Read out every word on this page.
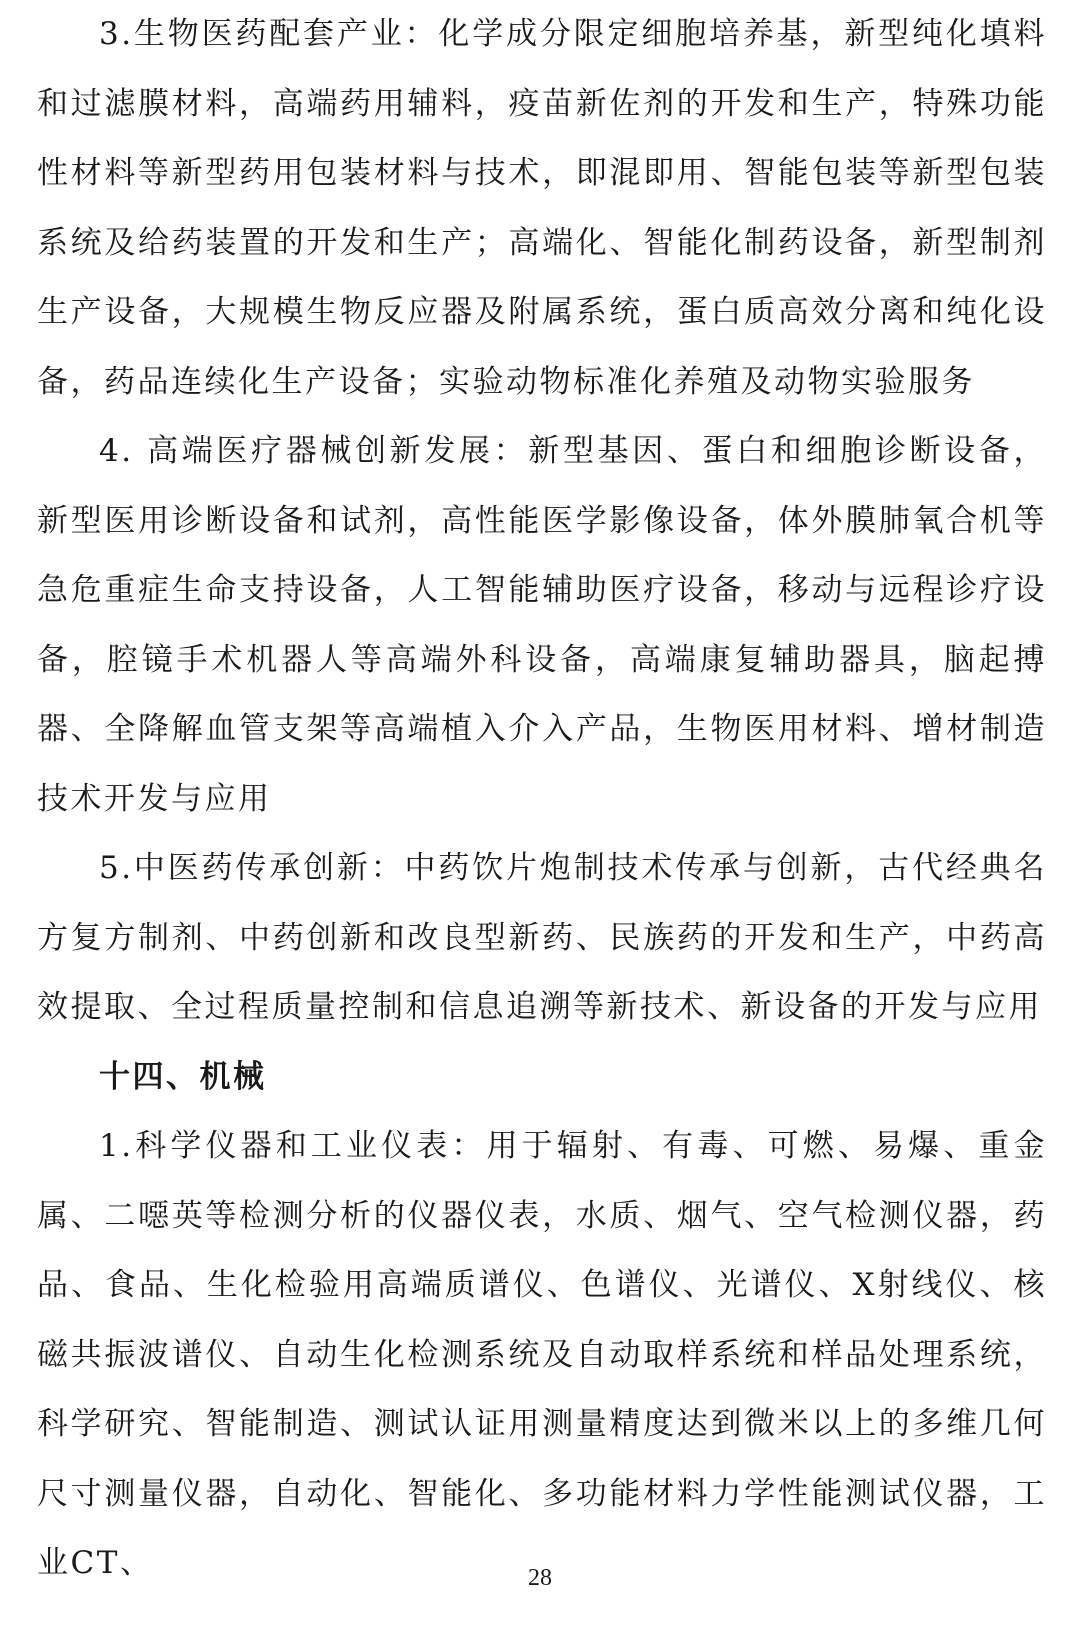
3.生物医药配套产业：化学成分限定细胞培养基，新型纯化填料和过滤膜材料，高端药用辅料，疫苗新佐剂的开发和生产，特殊功能性材料等新型药用包装材料与技术，即混即用、智能包装等新型包装系统及给药装置的开发和生产；高端化、智能化制药设备，新型制剂生产设备，大规模生物反应器及附属系统，蛋白质高效分离和纯化设备，药品连续化生产设备；实验动物标准化养殖及动物实验服务

4. 高端医疗器械创新发展：新型基因、蛋白和细胞诊断设备，新型医用诊断设备和试剂，高性能医学影像设备，体外膜肺氧合机等急危重症生命支持设备，人工智能辅助医疗设备，移动与远程诊疗设备，腔镜手术机器人等高端外科设备，高端康复辅助器具，脑起搏器、全降解血管支架等高端植入介入产品，生物医用材料、增材制造技术开发与应用

5.中医药传承创新：中药饮片炮制技术传承与创新，古代经典名方复方制剂、中药创新和改良型新药、民族药的开发和生产，中药高效提取、全过程质量控制和信息追溯等新技术、新设备的开发与应用

十四、机械

1.科学仪器和工业仪表：用于辐射、有毒、可燃、易爆、重金属、二噁英等检测分析的仪器仪表，水质、烟气、空气检测仪器，药品、食品、生化检验用高端质谱仪、色谱仪、光谱仪、X射线仪、核磁共振波谱仪、自动生化检测系统及自动取样系统和样品处理系统，科学研究、智能制造、测试认证用测量精度达到微米以上的多维几何尺寸测量仪器，自动化、智能化、多功能材料力学性能测试仪器，工业CT、	28
